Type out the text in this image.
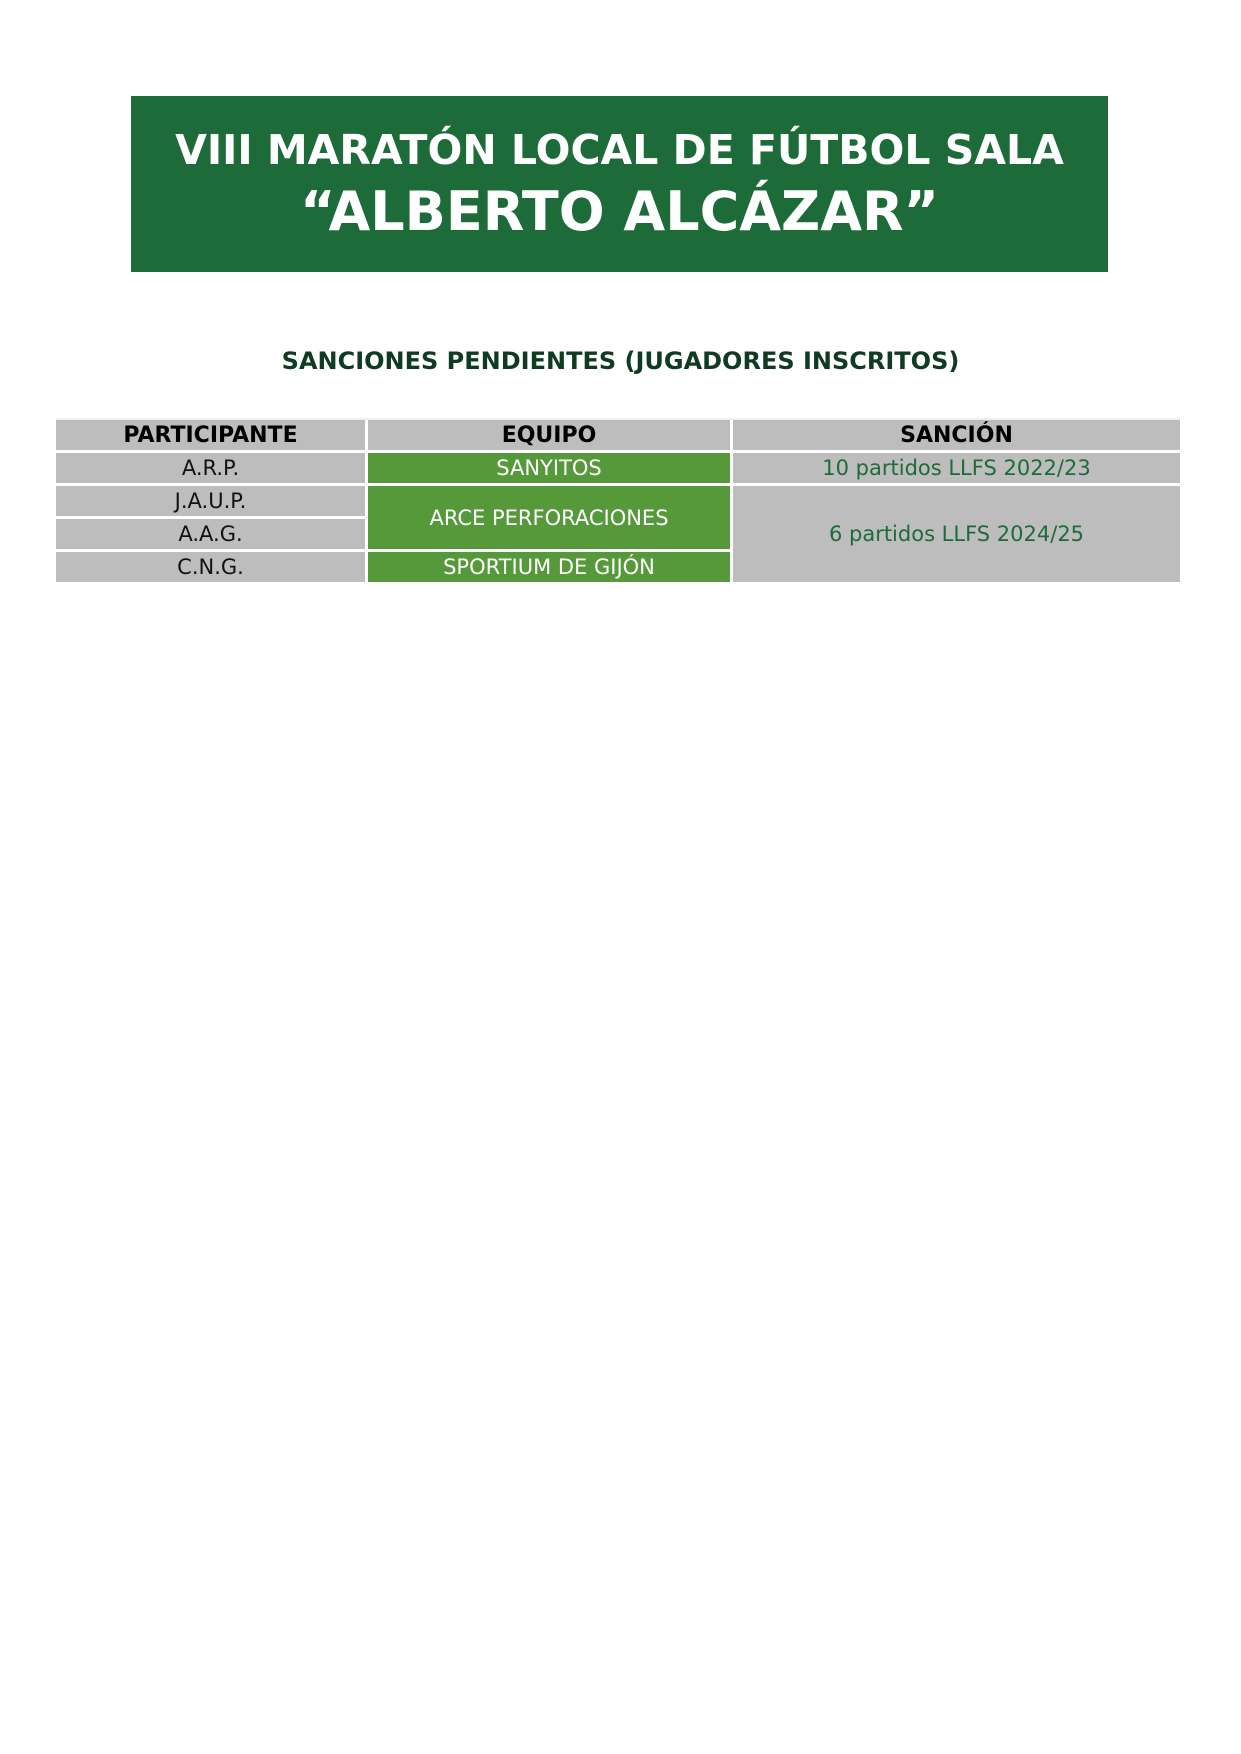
VIII MARATÓN LOCAL DE FÚTBOL SALA
“ALBERTO ALCÁZAR”
SANCIONES PENDIENTES (JUGADORES INSCRITOS)
PARTICIPANTE	EQUIPO	SANCIÓN
A.R.P.
J.A.U.P.
A.A.G.
C.N.G.
SANYITOS
ARCE PERFORACIONES
SPORTIUM DE GIJÓN
10 partidos LLFS 2022/23
6 partidos LLFS 2024/25
